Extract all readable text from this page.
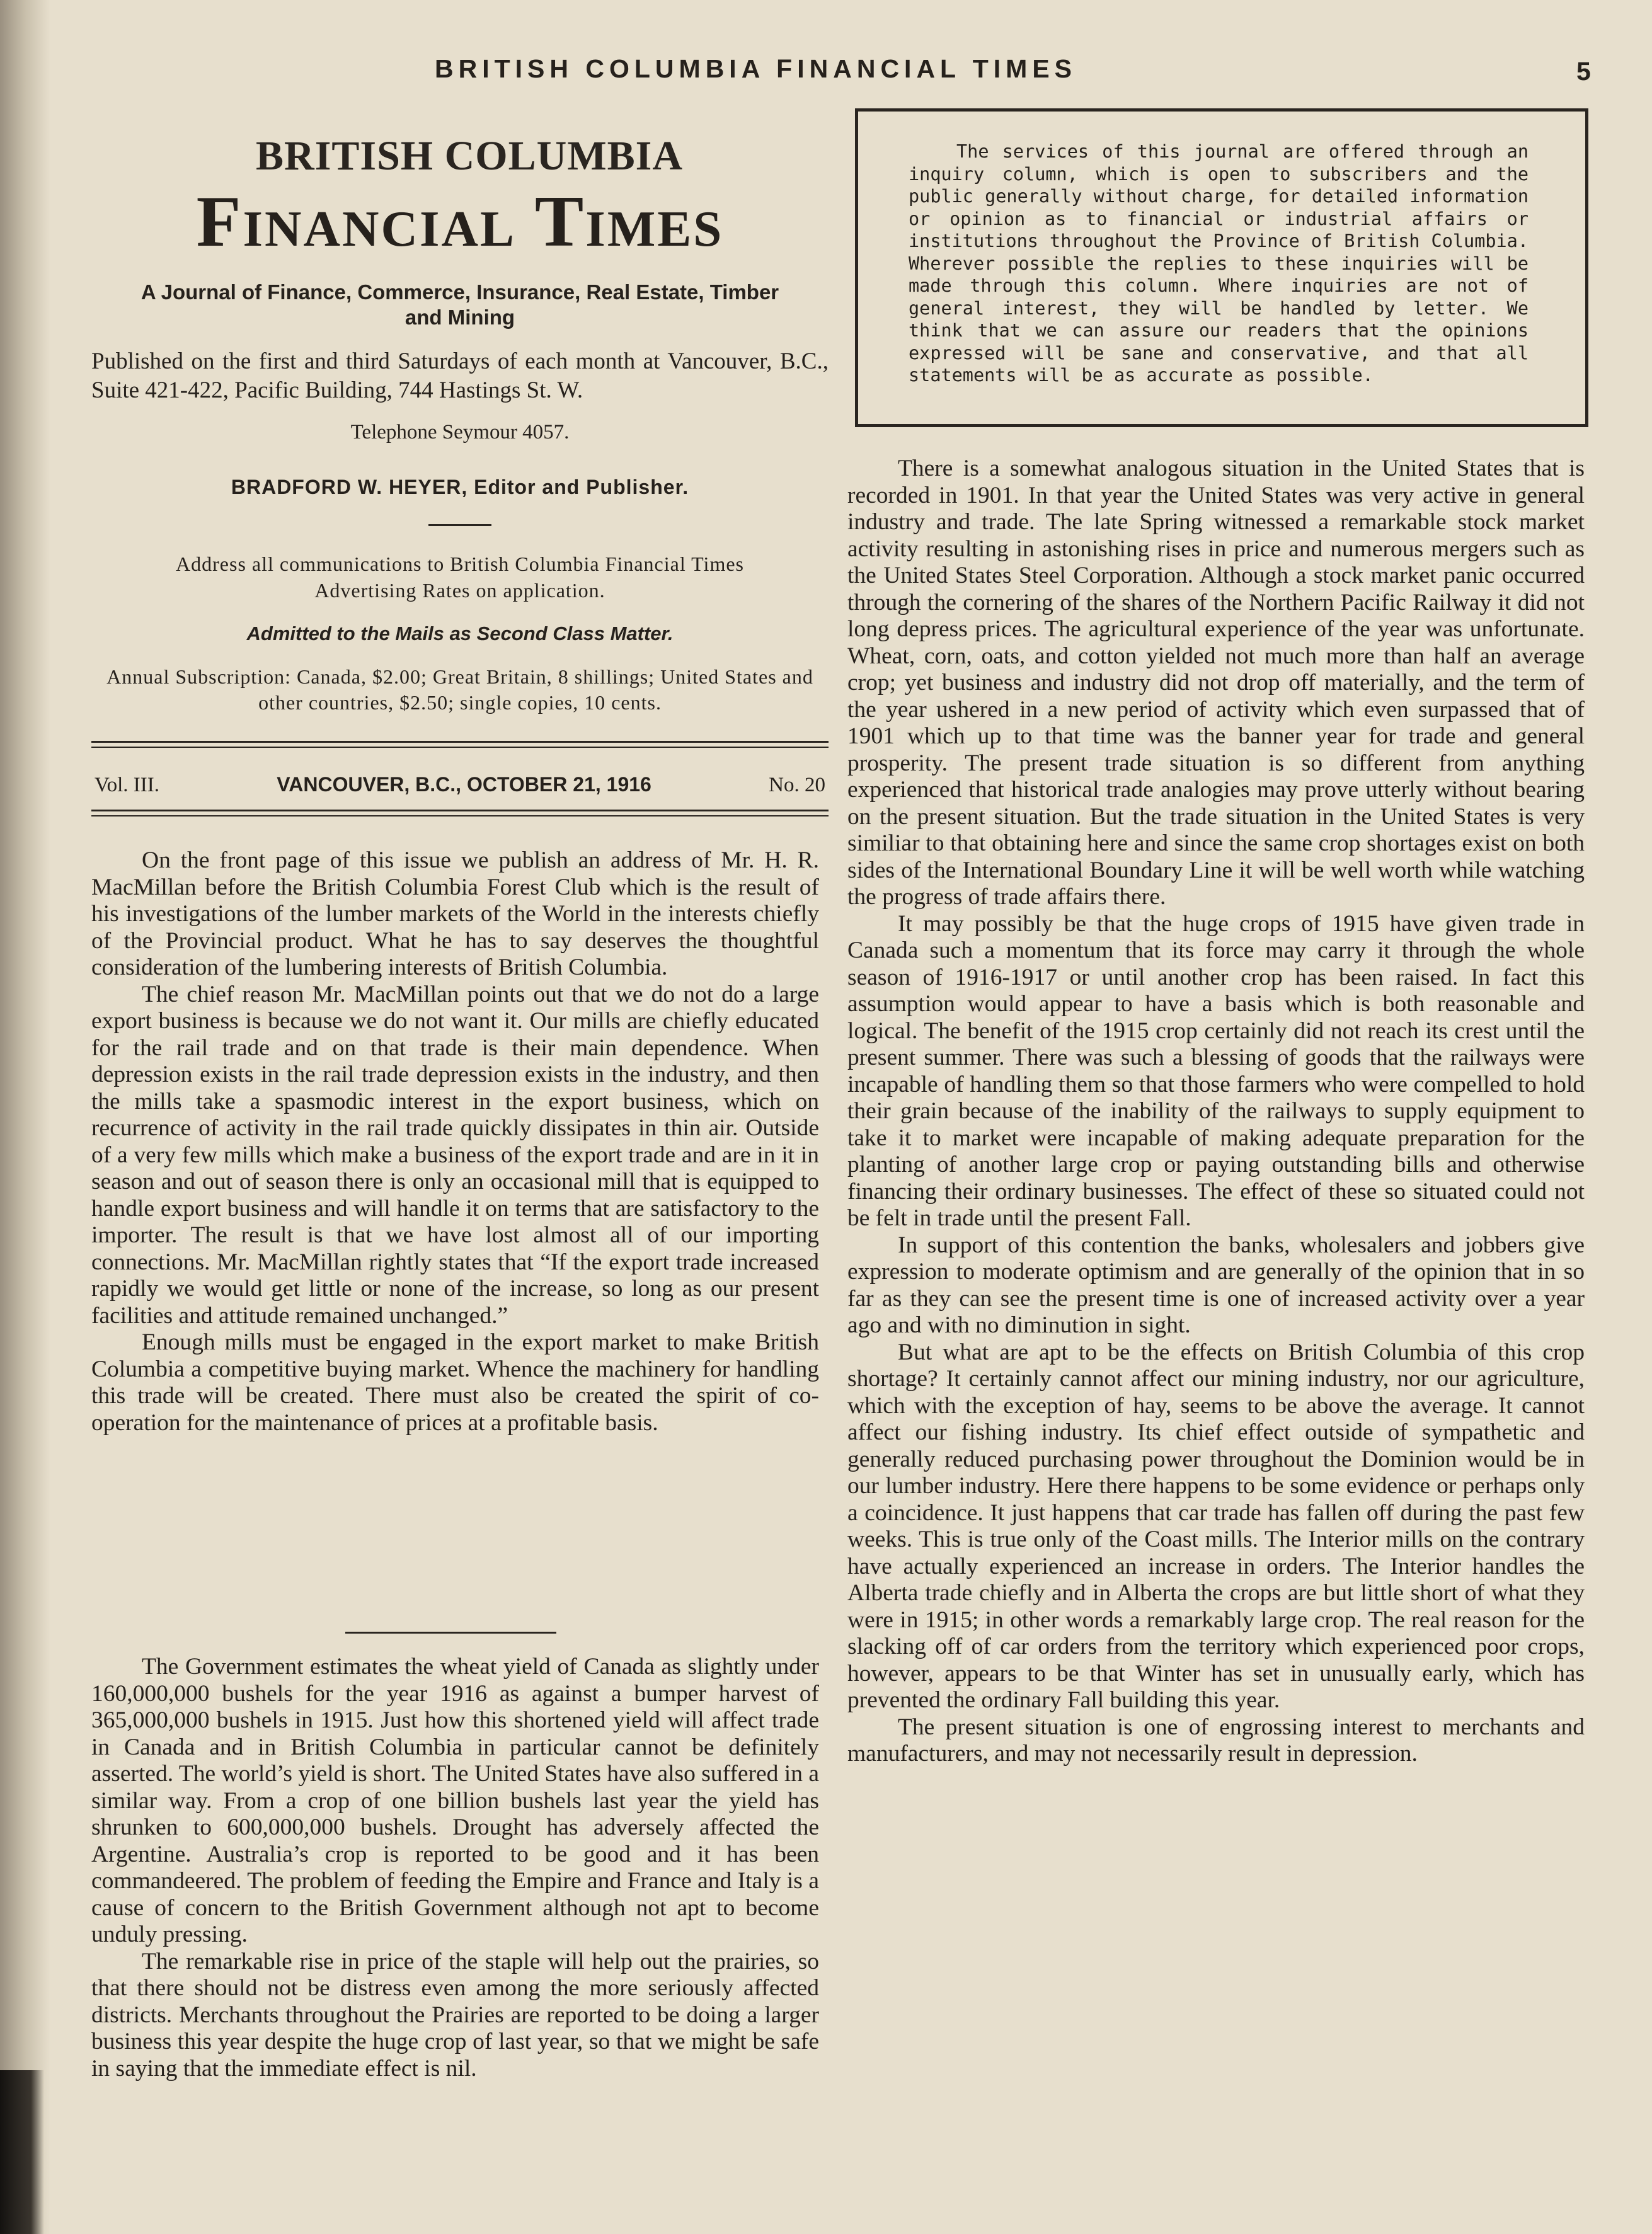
BRITISH COLUMBIA FINANCIAL TIMES	5
BRITISH COLUMBIA
Financial Times
A Journal of Finance, Commerce, Insurance, Real Estate, Timber and Mining
Published on the first and third Saturdays of each month at Vancouver, B.C., Suite 421-422, Pacific Building, 744 Hastings St. W.
Telephone Seymour 4057.
BRADFORD W. HEYER, Editor and Publisher.
Address all communications to British Columbia Financial Times
Advertising Rates on application.
Admitted to the Mails as Second Class Matter.
Annual Subscription: Canada, $2.00; Great Britain, 8 shillings; United States and other countries, $2.50; single copies, 10 cents.
Vol. III.	VANCOUVER, B.C., OCTOBER 21, 1916	No. 20

The services of this journal are offered through an inquiry column, which is open to subscribers and the public generally without charge, for detailed information or opinion as to financial or industrial affairs or institutions throughout the Province of British Columbia. Wherever possible the replies to these inquiries will be made through this column. Where inquiries are not of general interest, they will be handled by letter. We think that we can assure our readers that the opinions expressed will be sane and conservative, and that all statements will be as accurate as possible.

On the front page of this issue we publish an address of Mr. H. R. MacMillan before the British Columbia Forest Club which is the result of his investigations of the lumber markets of the World in the interests chiefly of the Provincial product. What he has to say deserves the thoughtful consideration of the lumbering interests of British Columbia.

The chief reason Mr. MacMillan points out that we do not do a large export business is because we do not want it. Our mills are chiefly educated for the rail trade and on that trade is their main dependence. When depression exists in the rail trade depression exists in the industry, and then the mills take a spasmodic interest in the export business, which on recurrence of activity in the rail trade quickly dissipates in thin air. Outside of a very few mills which make a business of the export trade and are in it in season and out of season there is only an occasional mill that is equipped to handle export business and will handle it on terms that are satisfactory to the importer. The result is that we have lost almost all of our importing connections. Mr. MacMillan rightly states that “If the export trade increased rapidly we would get little or none of the increase, so long as our present facilities and attitude remained unchanged.”

Enough mills must be engaged in the export market to make British Columbia a competitive buying market. Whence the machinery for handling this trade will be created. There must also be created the spirit of co-operation for the maintenance of prices at a profitable basis.

The Government estimates the wheat yield of Canada as slightly under 160,000,000 bushels for the year 1916 as against a bumper harvest of 365,000,000 bushels in 1915. Just how this shortened yield will affect trade in Canada and in British Columbia in particular cannot be definitely asserted. The world’s yield is short. The United States have also suffered in a similar way. From a crop of one billion bushels last year the yield has shrunken to 600,000,000 bushels. Drought has adversely affected the Argentine. Australia’s crop is reported to be good and it has been commandeered. The problem of feeding the Empire and France and Italy is a cause of concern to the British Government although not apt to become unduly pressing.

The remarkable rise in price of the staple will help out the prairies, so that there should not be distress even among the more seriously affected districts. Merchants throughout the Prairies are reported to be doing a larger business this year despite the huge crop of last year, so that we might be safe in saying that the immediate effect is nil.

There is a somewhat analogous situation in the United States that is recorded in 1901. In that year the United States was very active in general industry and trade. The late Spring witnessed a remarkable stock market activity resulting in astonishing rises in price and numerous mergers such as the United States Steel Corporation. Although a stock market panic occurred through the cornering of the shares of the Northern Pacific Railway it did not long depress prices. The agricultural experience of the year was unfortunate. Wheat, corn, oats, and cotton yielded not much more than half an average crop; yet business and industry did not drop off materially, and the term of the year ushered in a new period of activity which even surpassed that of 1901 which up to that time was the banner year for trade and general prosperity. The present trade situation is so different from anything experienced that historical trade analogies may prove utterly without bearing on the present situation. But the trade situation in the United States is very similiar to that obtaining here and since the same crop shortages exist on both sides of the International Boundary Line it will be well worth while watching the progress of trade affairs there.

It may possibly be that the huge crops of 1915 have given trade in Canada such a momentum that its force may carry it through the whole season of 1916-1917 or until another crop has been raised. In fact this assumption would appear to have a basis which is both reasonable and logical. The benefit of the 1915 crop certainly did not reach its crest until the present summer. There was such a blessing of goods that the railways were incapable of handling them so that those farmers who were compelled to hold their grain because of the inability of the railways to supply equipment to take it to market were incapable of making adequate preparation for the planting of another large crop or paying outstanding bills and otherwise financing their ordinary businesses. The effect of these so situated could not be felt in trade until the present Fall.

In support of this contention the banks, wholesalers and jobbers give expression to moderate optimism and are generally of the opinion that in so far as they can see the present time is one of increased activity over a year ago and with no diminution in sight.

But what are apt to be the effects on British Columbia of this crop shortage? It certainly cannot affect our mining industry, nor our agriculture, which with the exception of hay, seems to be above the average. It cannot affect our fishing industry. Its chief effect outside of sympathetic and generally reduced purchasing power throughout the Dominion would be in our lumber industry. Here there happens to be some evidence or perhaps only a coincidence. It just happens that car trade has fallen off during the past few weeks. This is true only of the Coast mills. The Interior mills on the contrary have actually experienced an increase in orders. The Interior handles the Alberta trade chiefly and in Alberta the crops are but little short of what they were in 1915; in other words a remarkably large crop. The real reason for the slacking off of car orders from the territory which experienced poor crops, however, appears to be that Winter has set in unusually early, which has prevented the ordinary Fall building this year.

The present situation is one of engrossing interest to merchants and manufacturers, and may not necessarily result in depression.
